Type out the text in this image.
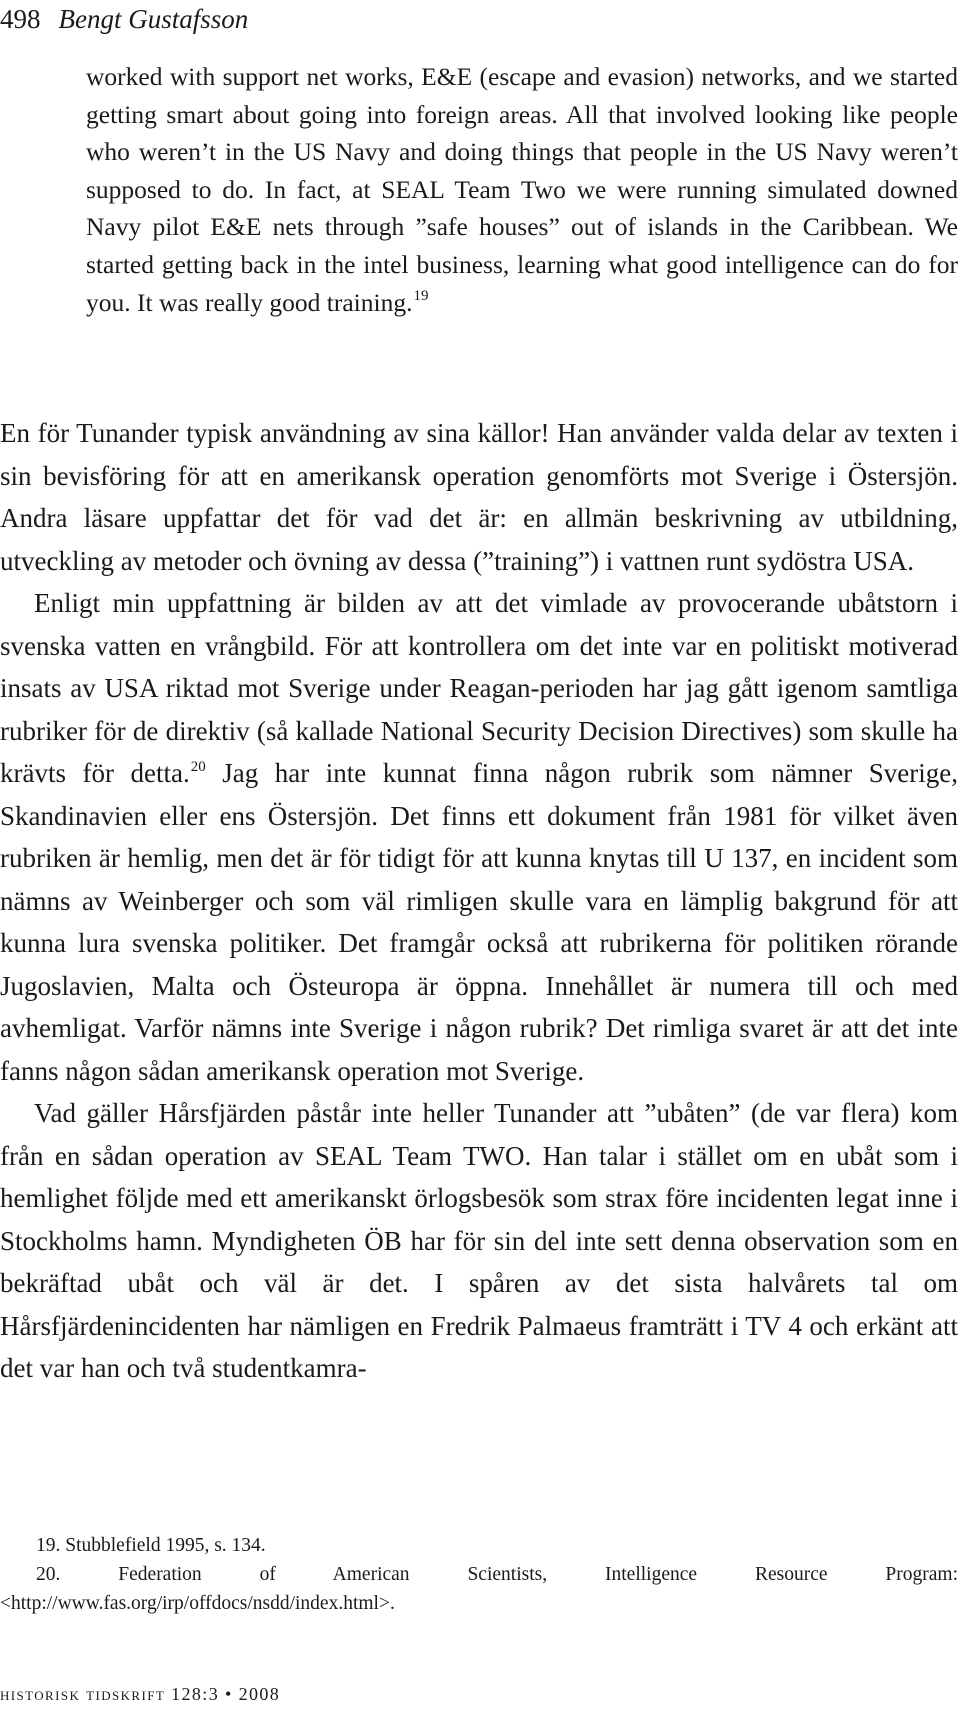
498 Bengt Gustafsson

worked with support net works, E&E (escape and evasion) networks, and we started getting smart about going into foreign areas. All that involved looking like people who weren’t in the US Navy and doing things that people in the US Navy weren’t supposed to do. In fact, at SEAL Team Two we were running simulated downed Navy pilot E&E nets through ”safe houses” out of islands in the Caribbean. We started getting back in the intel business, learning what good intelligence can do for you. It was really good training.$^{19}$

En för Tunander typisk användning av sina källor! Han använder valda delar av texten i sin bevisföring för att en amerikansk operation genomförts mot Sverige i Östersjön. Andra läsare uppfattar det för vad det är: en allmän beskrivning av utbildning, utveckling av metoder och övning av dessa (”training”) i vattnen runt sydöstra USA.

Enligt min uppfattning är bilden av att det vimlade av provocerande ubåtstorn i svenska vatten en vrångbild. För att kontrollera om det inte var en politiskt motiverad insats av USA riktad mot Sverige under Reagan-perioden har jag gått igenom samtliga rubriker för de direktiv (så kallade National Security Decision Directives) som skulle ha krävts för detta.$^{20}$ Jag har inte kunnat finna någon rubrik som nämner Sverige, Skandinavien eller ens Östersjön. Det finns ett dokument från 1981 för vilket även rubriken är hemlig, men det är för tidigt för att kunna knytas till U 137, en incident som nämns av Weinberger och som väl rimligen skulle vara en lämplig bakgrund för att kunna lura svenska politiker. Det framgår också att rubrikerna för politiken rörande Jugoslavien, Malta och Östeuropa är öppna. Innehållet är numera till och med avhemligat. Varför nämns inte Sverige i någon rubrik? Det rimliga svaret är att det inte fanns någon sådan amerikansk operation mot Sverige.

Vad gäller Hårsfjärden påstår inte heller Tunander att ”ubåten” (de var flera) kom från en sådan operation av SEAL Team TWO. Han talar i stället om en ubåt som i hemlighet följde med ett amerikanskt örlogsbesök som strax före incidenten legat inne i Stockholms hamn. Myndigheten ÖB har för sin del inte sett denna observation som en bekräftad ubåt och väl är det. I spåren av det sista halvårets tal om Hårsfjärdenincidenten har nämligen en Fredrik Palmaeus framträtt i TV 4 och erkänt att det var han och två studentkamra-

19. Stubblefield 1995, s. 134.

20. Federation of American Scientists, Intelligence Resource Program: <http://www.fas.org/irp/offdocs/nsdd/index.html>.

historisk tidskrift 128:3 • 2008
